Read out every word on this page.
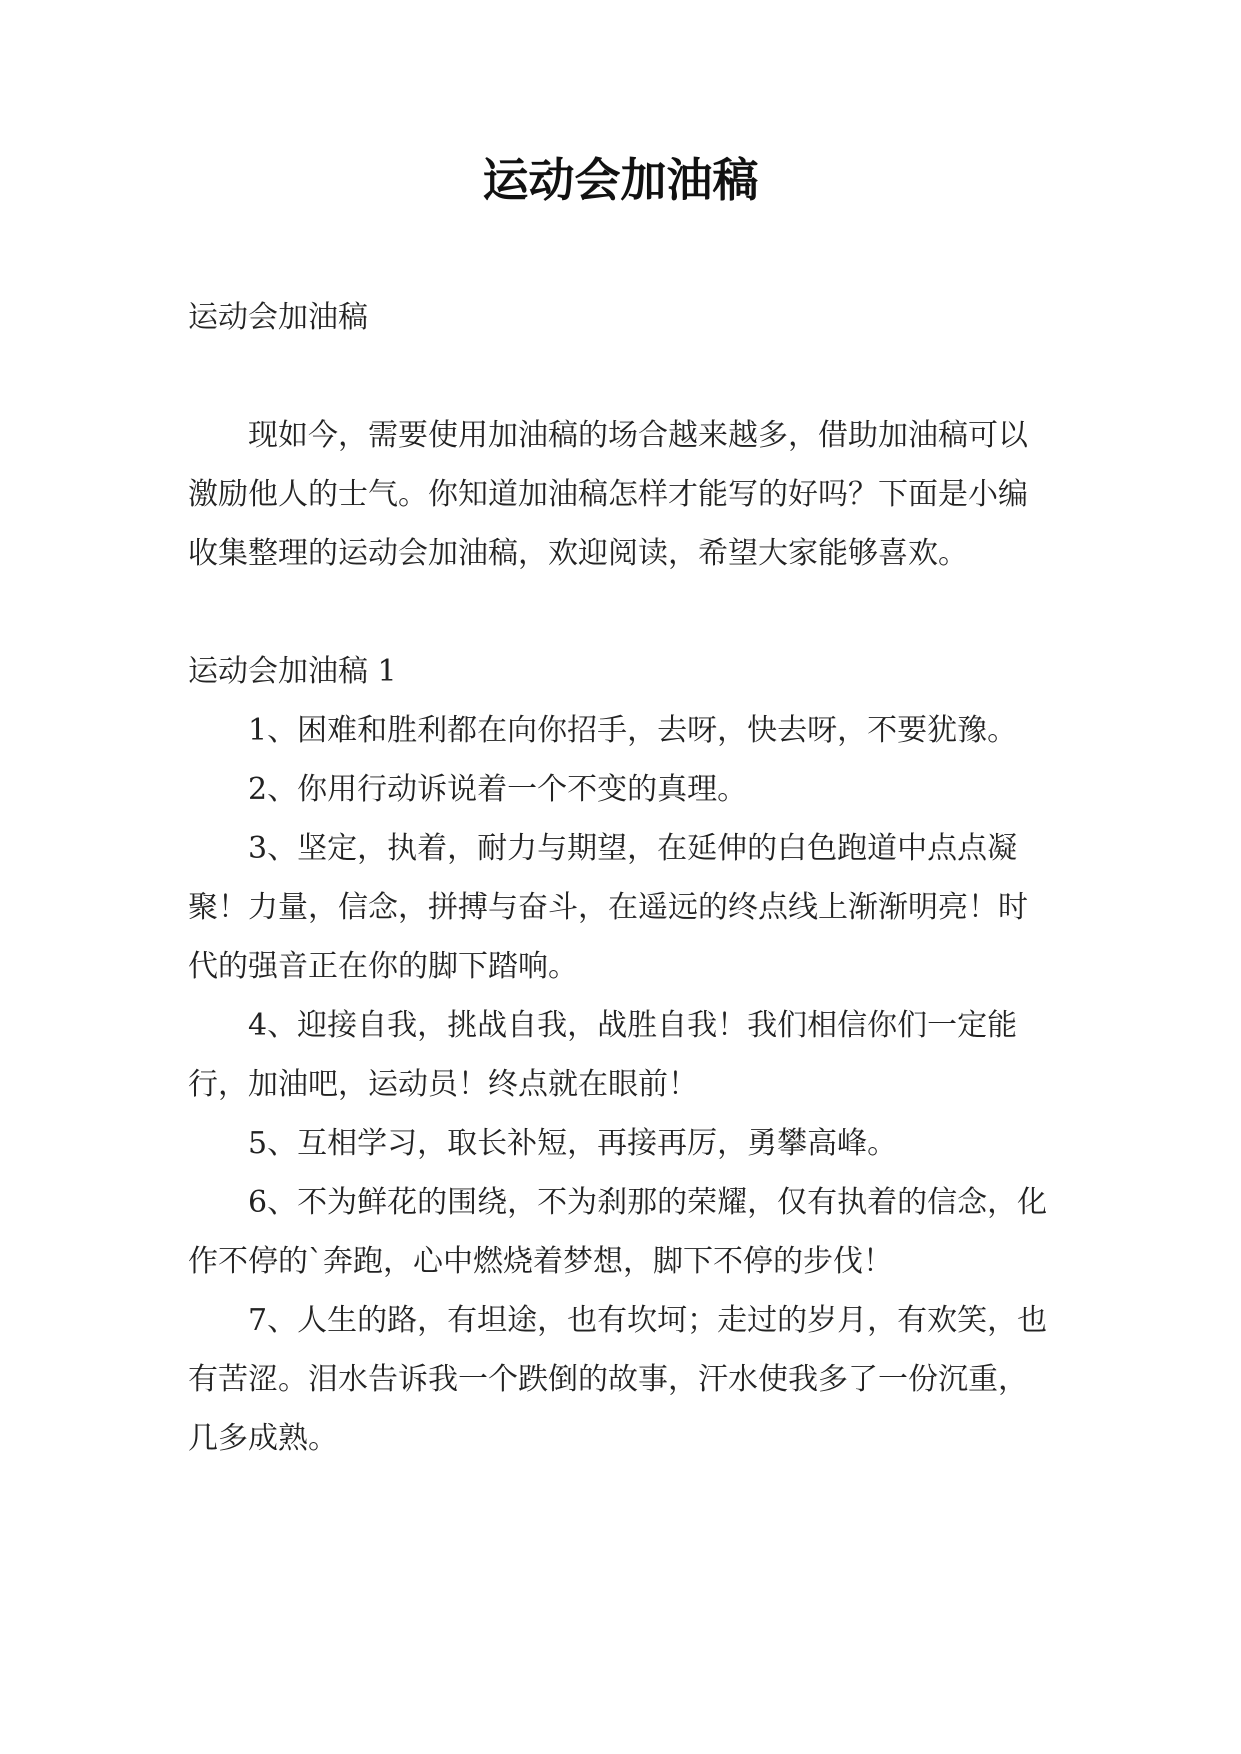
运动会加油稿

运动会加油稿

现如今，需要使用加油稿的场合越来越多，借助加油稿可以激励他人的士气。你知道加油稿怎样才能写的好吗？下面是小编收集整理的运动会加油稿，欢迎阅读，希望大家能够喜欢。

运动会加油稿 1

1、困难和胜利都在向你招手，去呀，快去呀，不要犹豫。

2、你用行动诉说着一个不变的真理。

3、坚定，执着，耐力与期望，在延伸的白色跑道中点点凝聚！力量，信念，拼搏与奋斗，在遥远的终点线上渐渐明亮！时代的强音正在你的脚下踏响。

4、迎接自我，挑战自我，战胜自我！我们相信你们一定能行，加油吧，运动员！终点就在眼前！

5、互相学习，取长补短，再接再厉，勇攀高峰。

6、不为鲜花的围绕，不为刹那的荣耀，仅有执着的信念，化作不停的`奔跑，心中燃烧着梦想，脚下不停的步伐！

7、人生的路，有坦途，也有坎坷；走过的岁月，有欢笑，也有苦涩。泪水告诉我一个跌倒的故事，汗水使我多了一份沉重，几多成熟。
